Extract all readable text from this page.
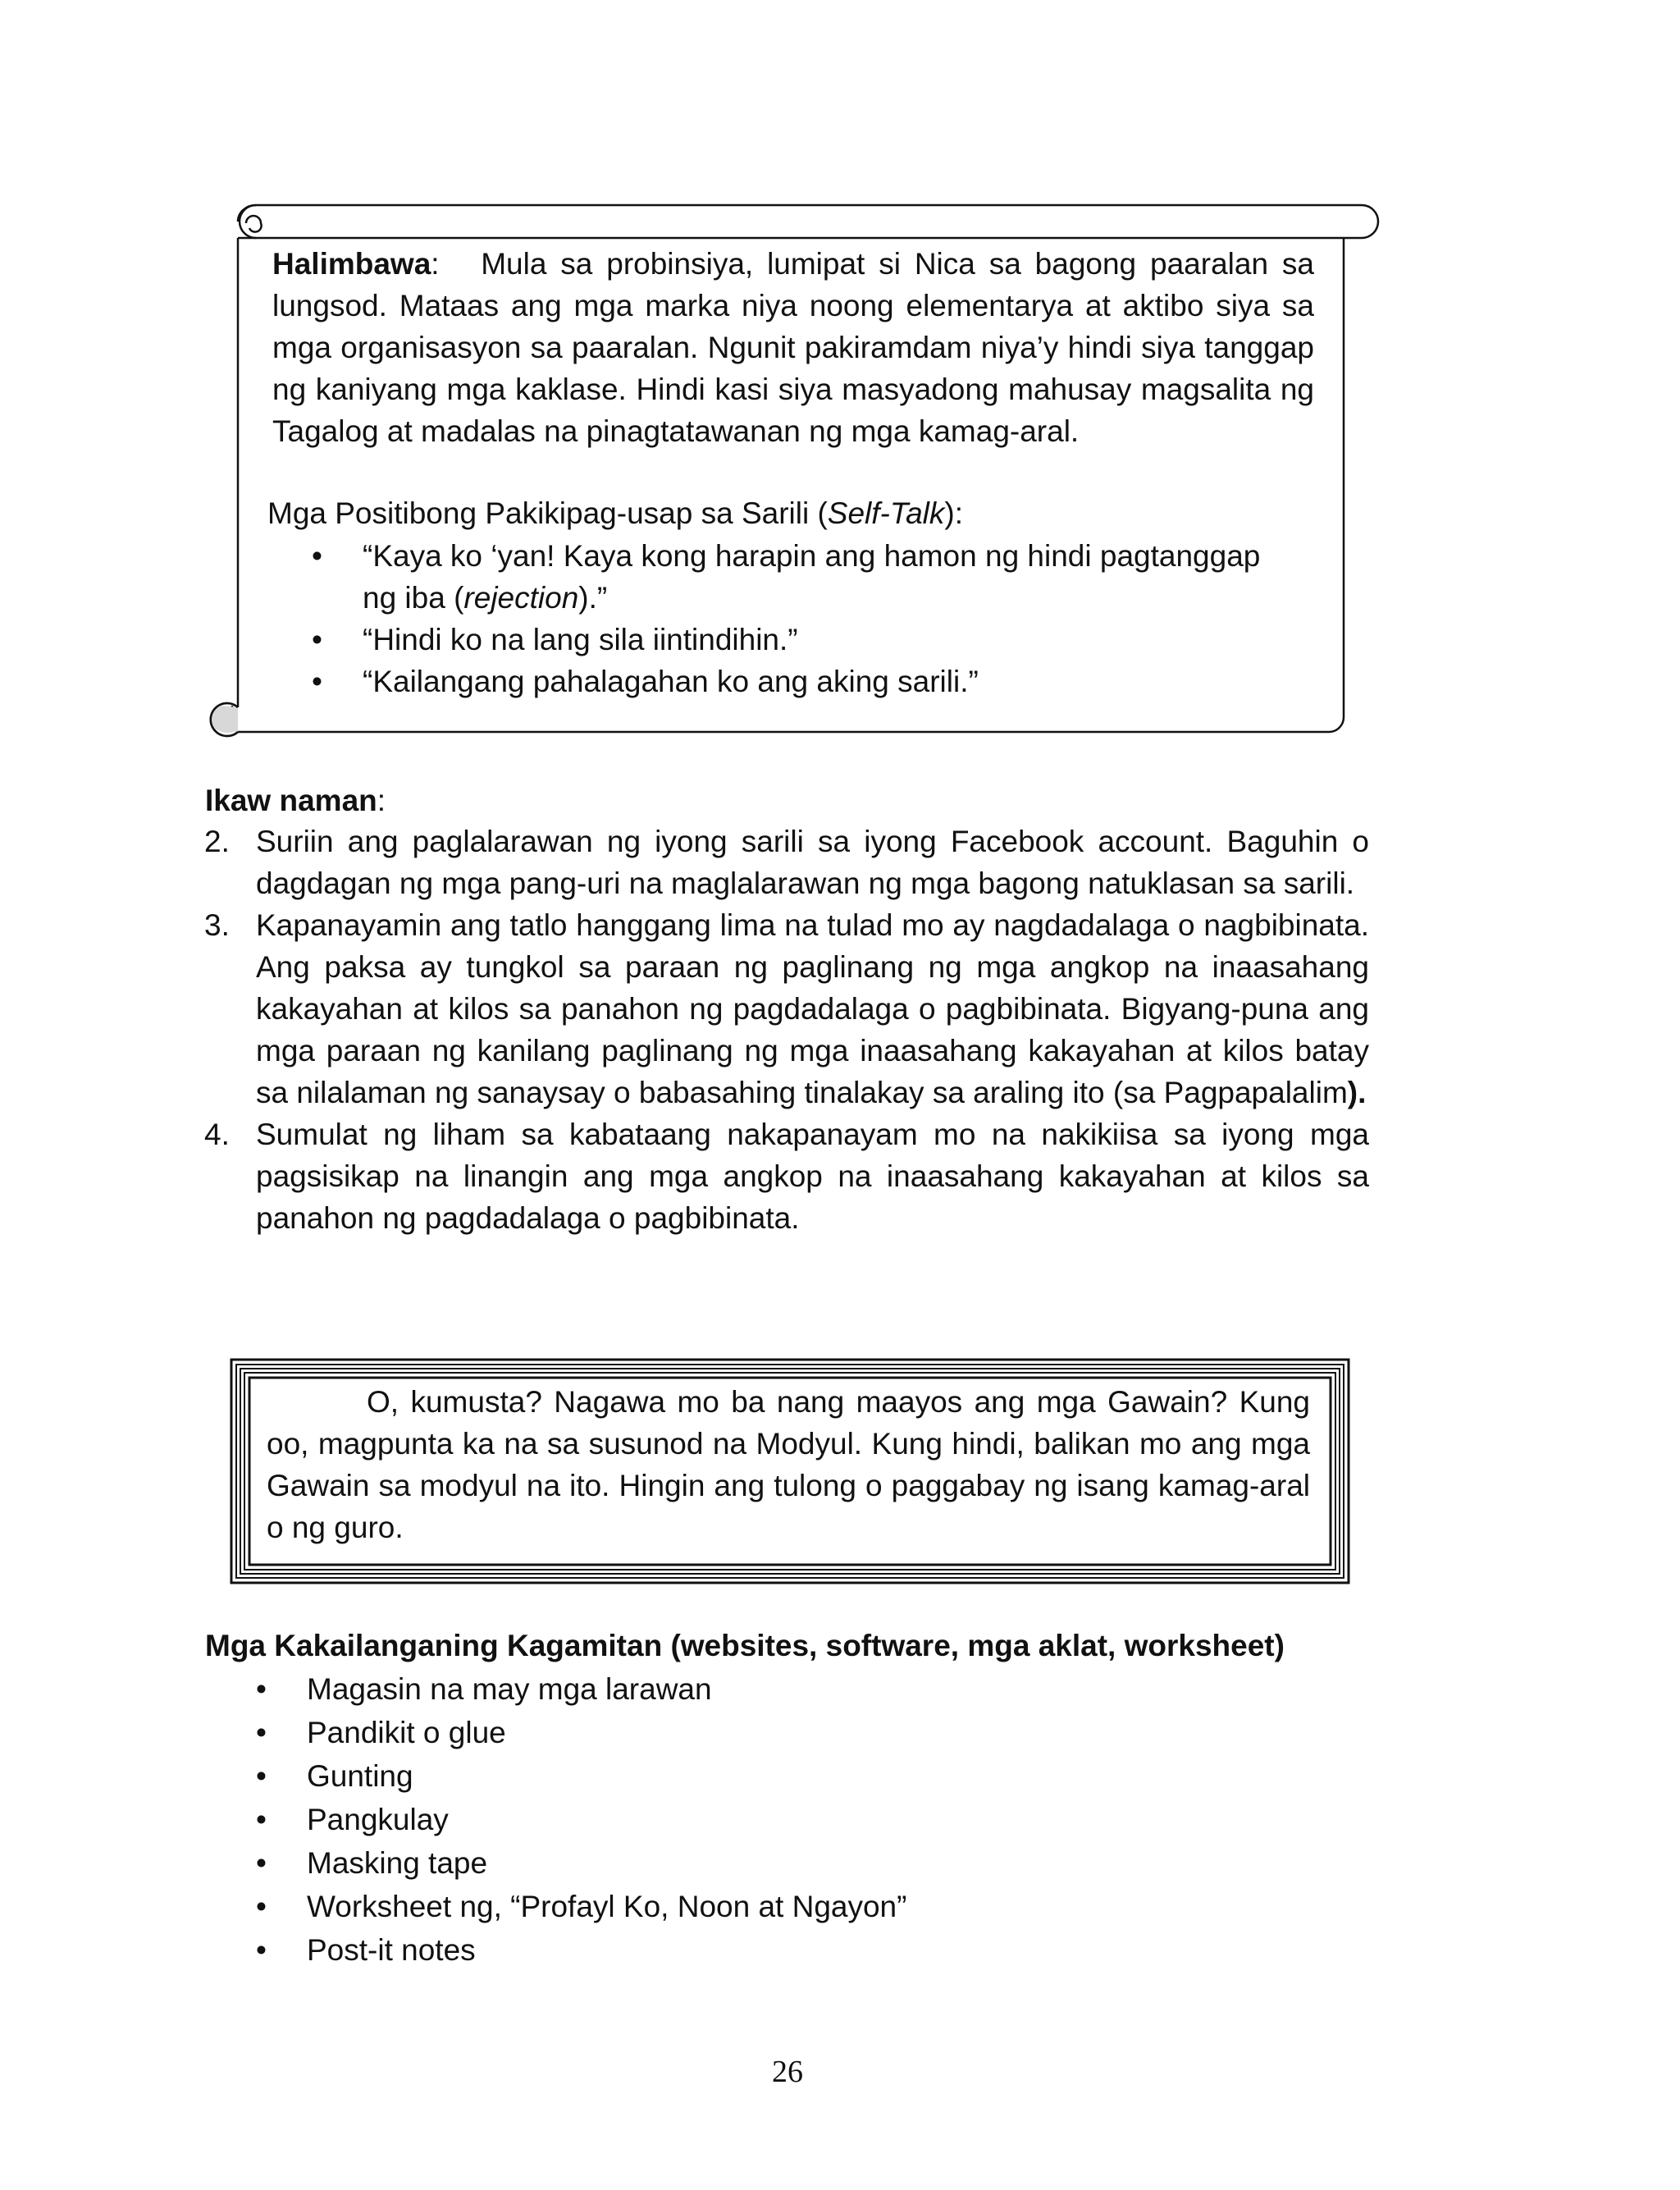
Halimbawa: Mula sa probinsiya, lumipat si Nica sa bagong paaralan sa lungsod. Mataas ang mga marka niya noong elementarya at aktibo siya sa mga organisasyon sa paaralan. Ngunit pakiramdam niya’y hindi siya tanggap ng kaniyang mga kaklase. Hindi kasi siya masyadong mahusay magsalita ng Tagalog at madalas na pinagtatawanan ng mga kamag-aral.

Mga Positibong Pakikipag-usap sa Sarili (Self-Talk):
• “Kaya ko ‘yan! Kaya kong harapin ang hamon ng hindi pagtanggap
ng iba (rejection).”
• “Hindi ko na lang sila iintindihin.”
• “Kailangang pahalagahan ko ang aking sarili.”
Ikaw naman:
2. Suriin ang paglalarawan ng iyong sarili sa iyong Facebook account. Baguhin o dagdagan ng mga pang-uri na maglalarawan ng mga bagong natuklasan sa sarili.
3. Kapanayamin ang tatlo hanggang lima na tulad mo ay nagdadalaga o nagbibinata. Ang paksa ay tungkol sa paraan ng paglinang ng mga angkop na inaasahang kakayahan at kilos sa panahon ng pagdadalaga o pagbibinata. Bigyang-puna ang mga paraan ng kanilang paglinang ng mga inaasahang kakayahan at kilos batay sa nilalaman ng sanaysay o babasahing tinalakay sa araling ito (sa Pagpapalalim).
4. Sumulat ng liham sa kabataang nakapanayam mo na nakikiisa sa iyong mga pagsisikap na linangin ang mga angkop na inaasahang kakayahan at kilos sa panahon ng pagdadalaga o pagbibinata.
O, kumusta? Nagawa mo ba nang maayos ang mga Gawain? Kung oo, magpunta ka na sa susunod na Modyul. Kung hindi, balikan mo ang mga Gawain sa modyul na ito. Hingin ang tulong o paggabay ng isang kamag-aral o ng guro.
Mga Kakailanganing Kagamitan (websites, software, mga aklat, worksheet)
• Magasin na may mga larawan
• Pandikit o glue
• Gunting
• Pangkulay
• Masking tape
• Worksheet ng, “Profayl Ko, Noon at Ngayon”
• Post-it notes
26
